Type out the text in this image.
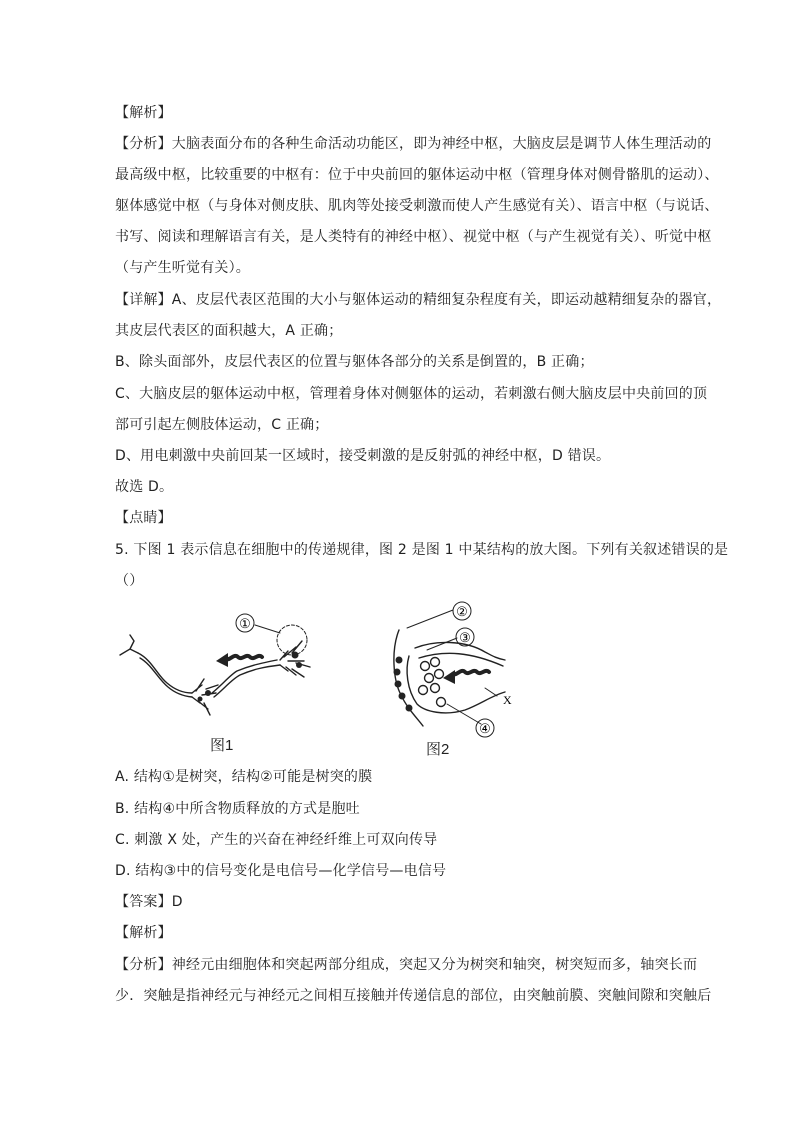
【解析】
【分析】大脑表面分布的各种生命活动功能区，即为神经中枢，大脑皮层是调节人体生理活动的
最高级中枢，比较重要的中枢有：位于中央前回的躯体运动中枢（管理身体对侧骨骼肌的运动）、
躯体感觉中枢（与身体对侧皮肤、肌肉等处接受刺激而使人产生感觉有关）、语言中枢（与说话、
书写、阅读和理解语言有关，是人类特有的神经中枢）、视觉中枢（与产生视觉有关）、听觉中枢
（与产生听觉有关）。
【详解】A、皮层代表区范围的大小与躯体运动的精细复杂程度有关，即运动越精细复杂的器官，
其皮层代表区的面积越大，A 正确；
B、除头面部外，皮层代表区的位置与躯体各部分的关系是倒置的，B 正确；
C、大脑皮层的躯体运动中枢，管理着身体对侧躯体的运动，若刺激右侧大脑皮层中央前回的顶
部可引起左侧肢体运动，C 正确；
D、用电刺激中央前回某一区域时，接受刺激的是反射弧的神经中枢，D 错误。
故选 D。
【点睛】
5. 下图 1 表示信息在细胞中的传递规律，图 2 是图 1 中某结构的放大图。下列有关叙述错误的是
（）
①
图1
②
③
④
X
图2
A. 结构①是树突，结构②可能是树突的膜
B. 结构④中所含物质释放的方式是胞吐
C. 刺激 X 处，产生的兴奋在神经纤维上可双向传导
D. 结构③中的信号变化是电信号—化学信号—电信号
【答案】D
【解析】
【分析】神经元由细胞体和突起两部分组成，突起又分为树突和轴突，树突短而多，轴突长而
少．突触是指神经元与神经元之间相互接触并传递信息的部位，由突触前膜、突触间隙和突触后
